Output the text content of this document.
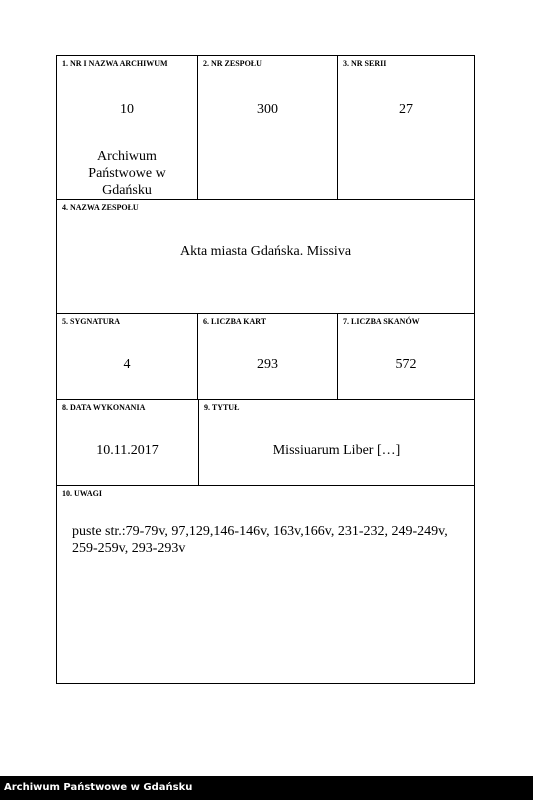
1. NR I NAZWA ARCHIWUM
10
Archiwum
Państwowe w
Gdańsku
2. NR ZESPOŁU
300
3. NR SERII
27
4. NAZWA ZESPOŁU
Akta miasta Gdańska. Missiva
5. SYGNATURA
4
6. LICZBA KART
293
7. LICZBA SKANÓW
572
8. DATA WYKONANIA
10.11.2017
9. TYTUŁ
Missiuarum Liber […]
10. UWAGI
puste str.:79-79v, 97,129,146-146v, 163v,166v, 231-232, 249-249v,
259-259v, 293-293v
Archiwum Państwowe w Gdańsku
